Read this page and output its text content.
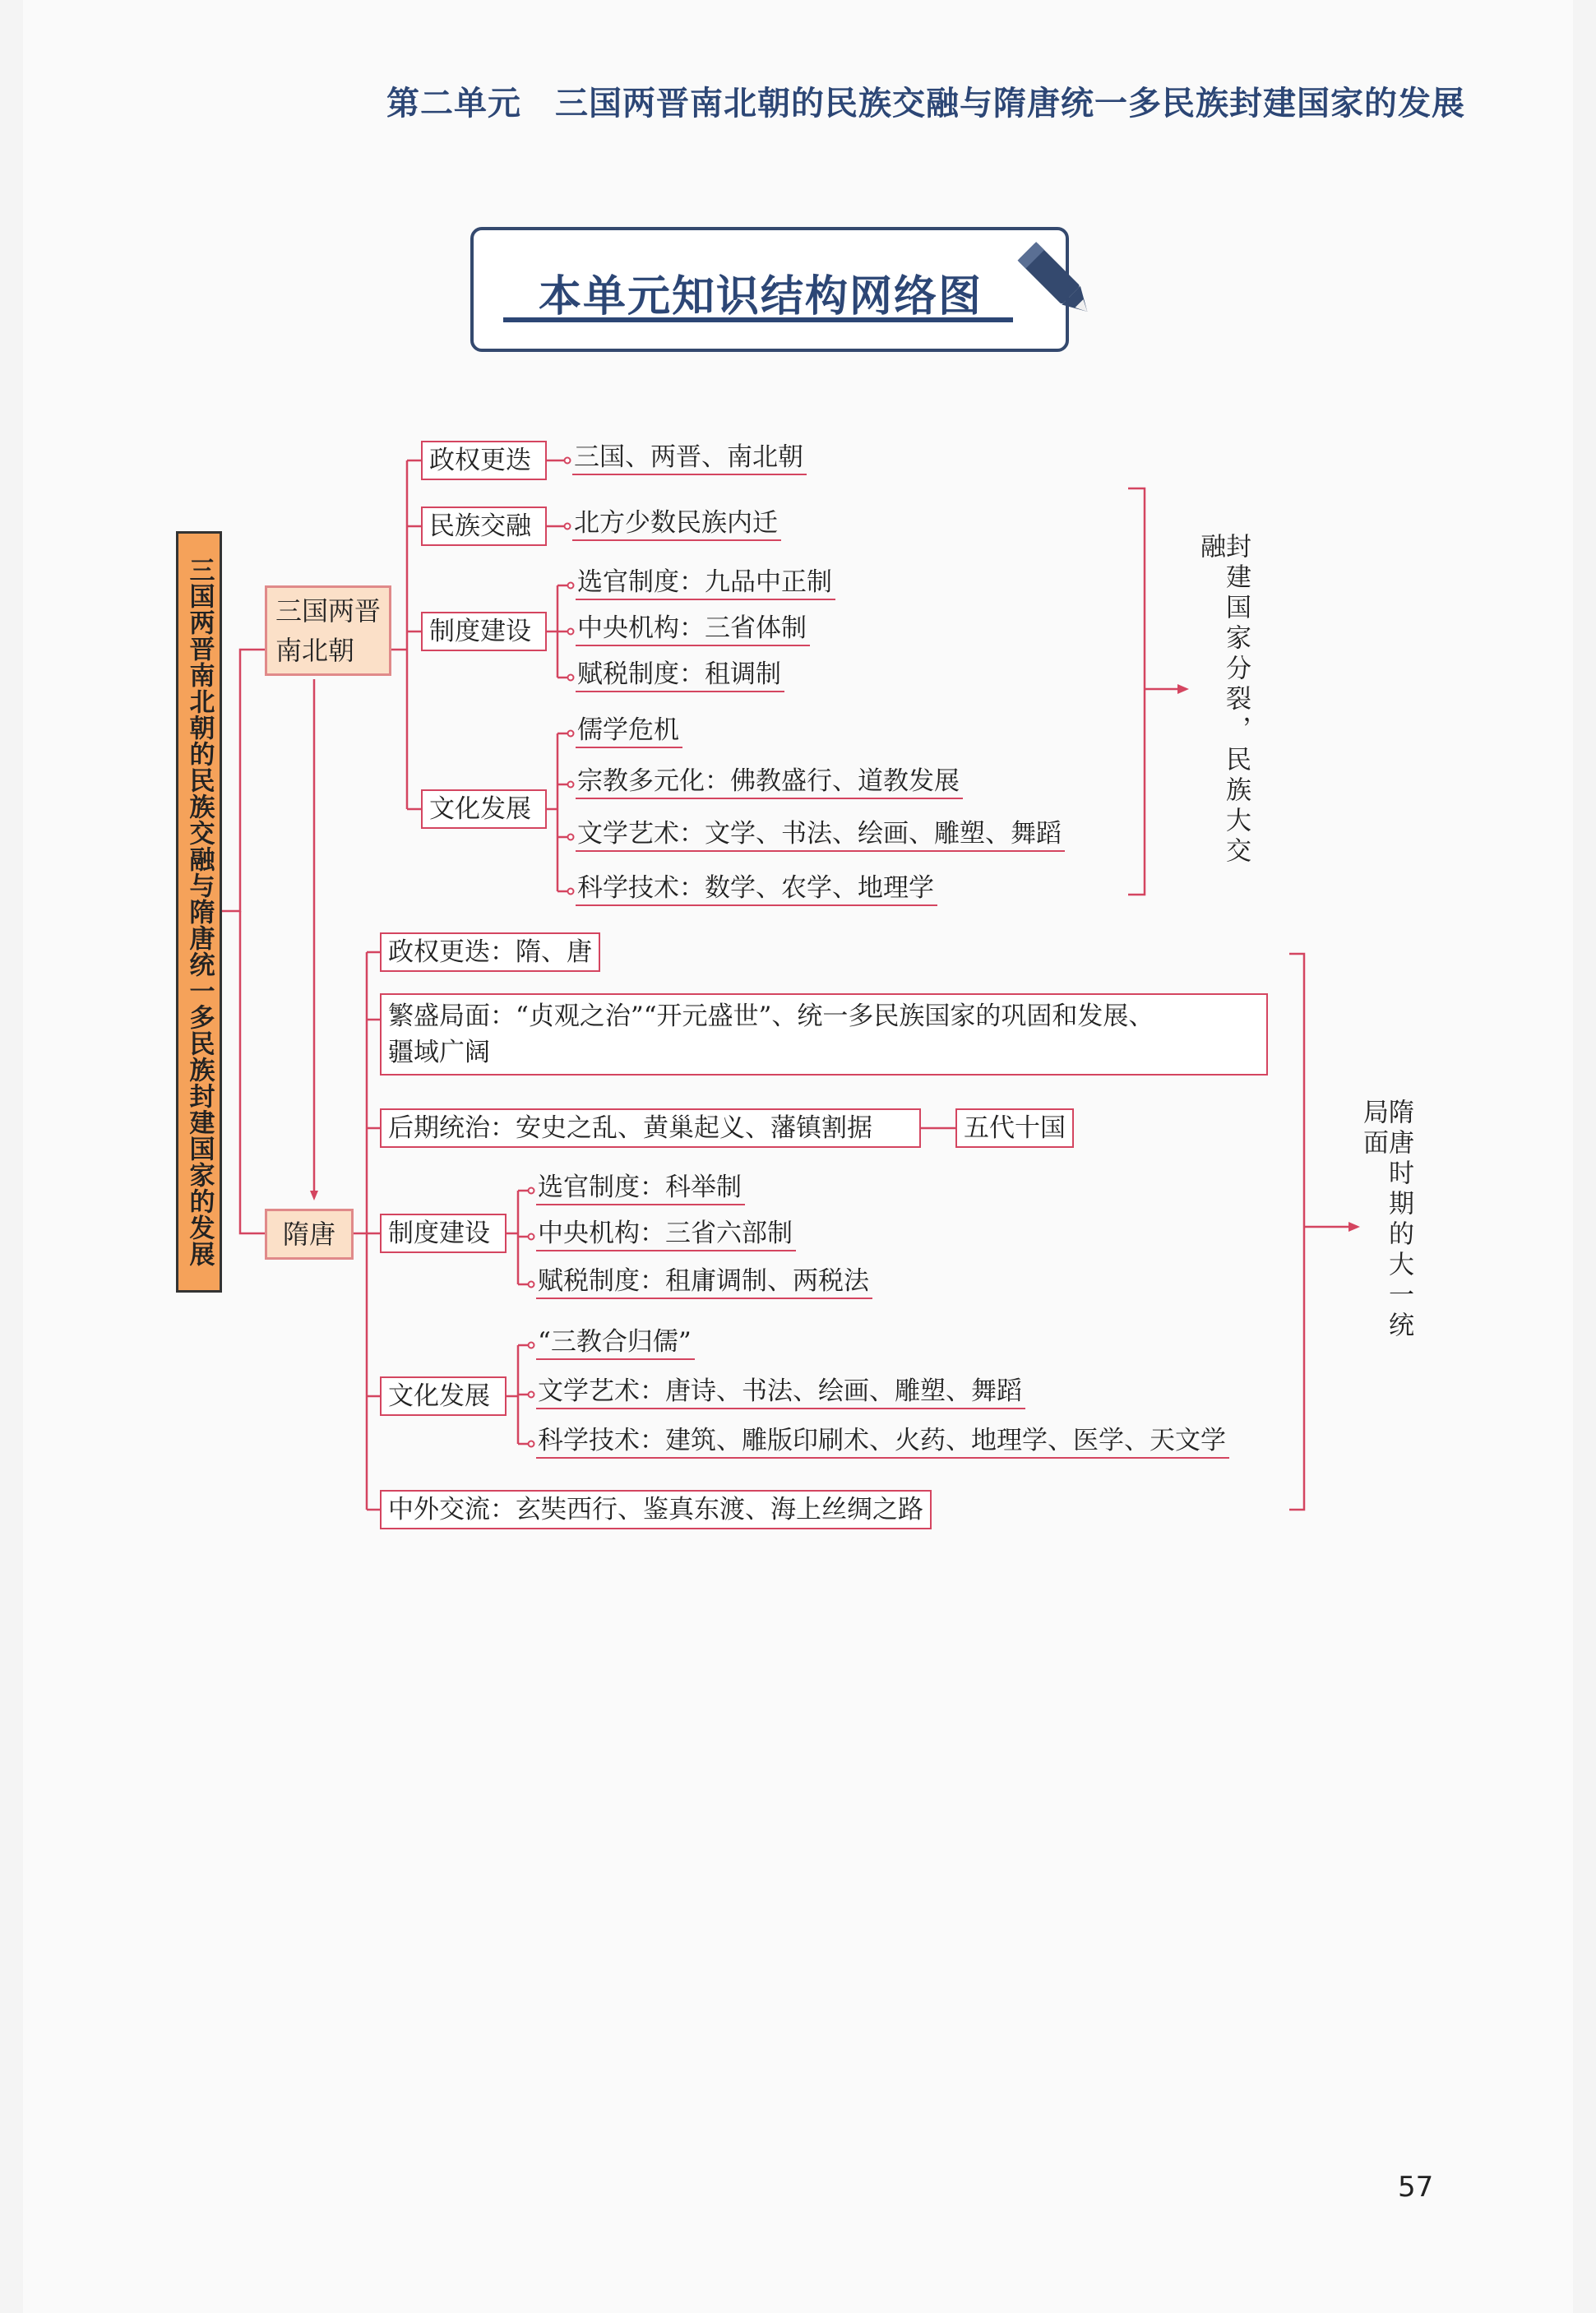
第二单元　三国两晋南北朝的民族交融与隋唐统一多民族封建国家的发展
本单元知识结构网络图
三国两晋南北朝的民族交融与隋唐统一多民族封建国家的发展 三国两晋
南北朝
政权更迭	三国、两晋、南北朝
民族交融	北方少数民族内迁
制度建设
选官制度：九品中正制
中央机构：三省体制
赋税制度：租调制
文化发展
儒学危机
宗教多元化：佛教盛行、道教发展
文学艺术：文学、书法、绘画、雕塑、舞蹈
科学技术：数学、农学、地理学
封建国家分裂，民族大交融
隋唐
政权更迭：隋、唐
繁盛局面：“贞观之治”“开元盛世”、统一多民族国家的巩固和发展、
疆域广阔
后期统治：安史之乱、黄巢起义、藩镇割据	五代十国
制度建设
选官制度：科举制
中央机构：三省六部制
赋税制度：租庸调制、两税法
文化发展
“三教合归儒”
文学艺术：唐诗、书法、绘画、雕塑、舞蹈
科学技术：建筑、雕版印刷术、火药、地理学、医学、天文学
中外交流：玄奘西行、鉴真东渡、海上丝绸之路
隋唐时期的大一统局面
57
